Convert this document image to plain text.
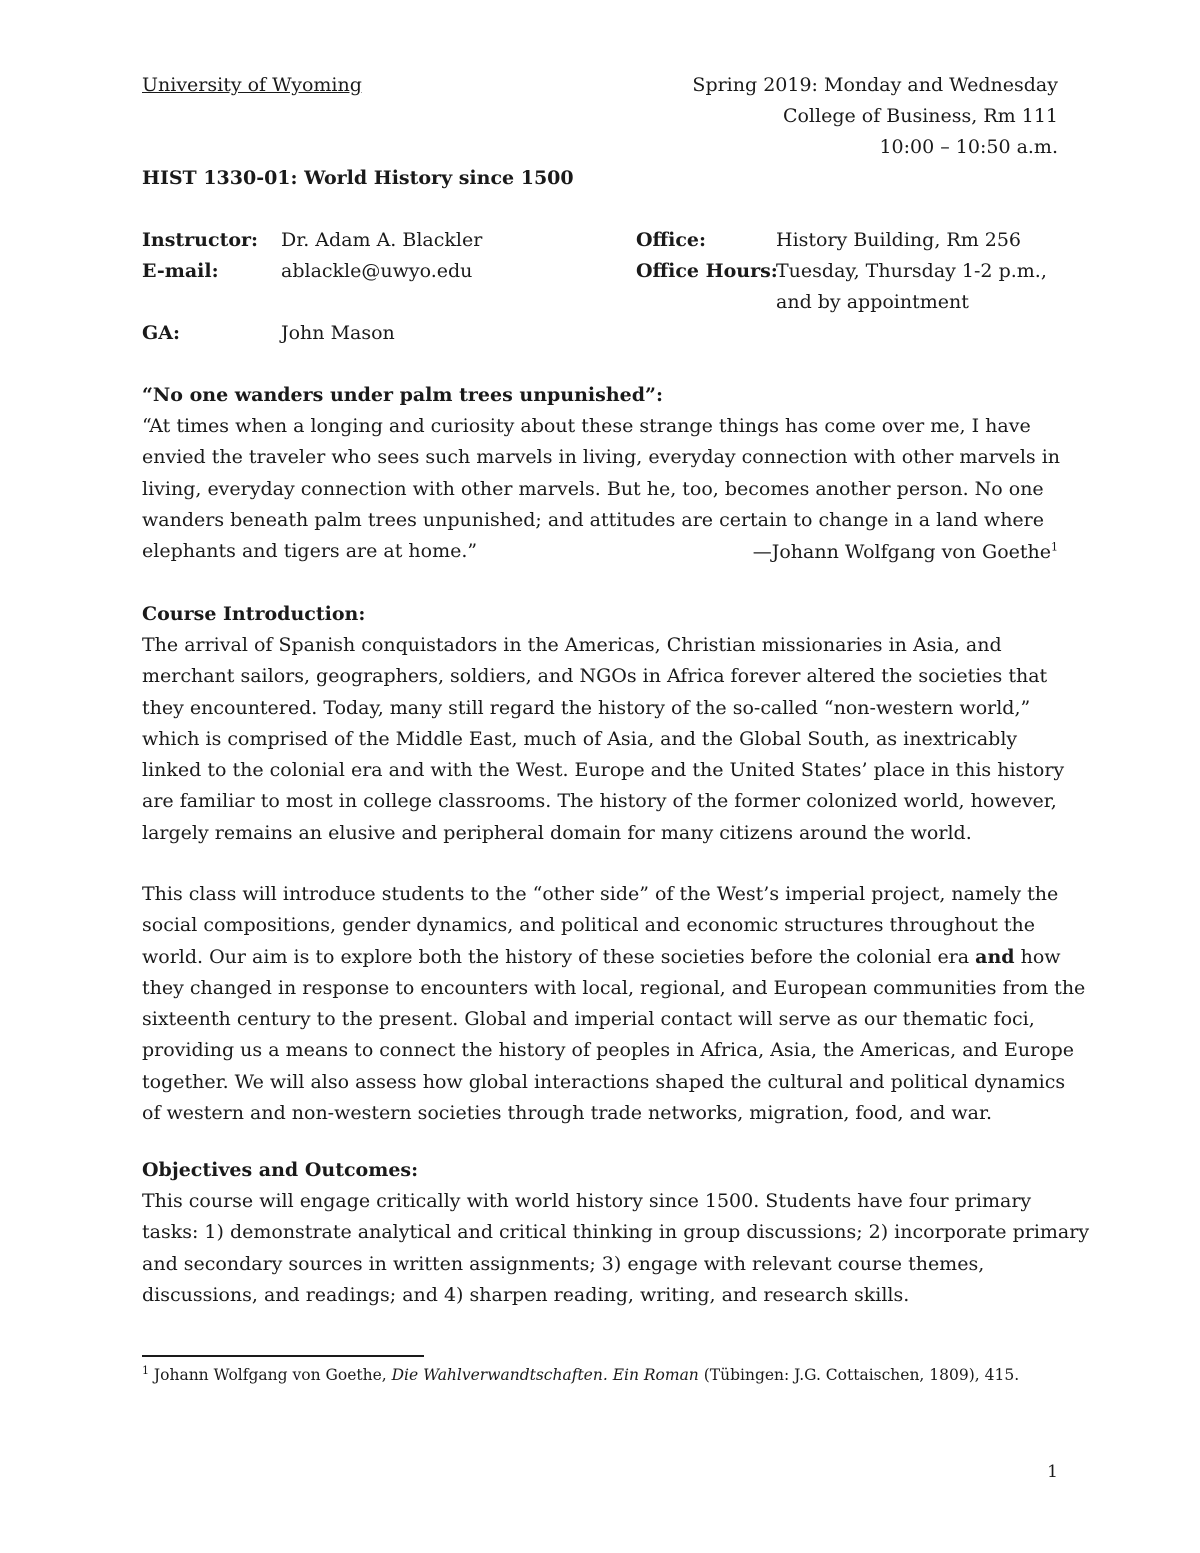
University of Wyoming	Spring 2019: Monday and Wednesday
College of Business, Rm 111
10:00 – 10:50 a.m.
HIST 1330-01: World History since 1500
Instructor: Dr. Adam A. Blackler	Office:	History Building, Rm 256
E-mail:	ablackle@uwyo.edu	Office Hours:
Tuesday, Thursday 1-2 p.m.,
and by appointment
GA:	John Mason
“No one wanders under palm trees unpunished”:
“At times when a longing and curiosity about these strange things has come over me, I have
envied the traveler who sees such marvels in living, everyday connection with other marvels in
living, everyday connection with other marvels. But he, too, becomes another person. No one
wanders beneath palm trees unpunished; and attitudes are certain to change in a land where
elephants and tigers are at home.”	—Johann Wolfgang von Goethe$^1$
Course Introduction:
The arrival of Spanish conquistadors in the Americas, Christian missionaries in Asia, and
merchant sailors, geographers, soldiers, and NGOs in Africa forever altered the societies that
they encountered. Today, many still regard the history of the so-called “non-western world,”
which is comprised of the Middle East, much of Asia, and the Global South, as inextricably
linked to the colonial era and with the West. Europe and the United States’ place in this history
are familiar to most in college classrooms. The history of the former colonized world, however,
largely remains an elusive and peripheral domain for many citizens around the world.
This class will introduce students to the “other side” of the West’s imperial project, namely the
social compositions, gender dynamics, and political and economic structures throughout the
world. Our aim is to explore both the history of these societies before the colonial era and how
they changed in response to encounters with local, regional, and European communities from the
sixteenth century to the present. Global and imperial contact will serve as our thematic foci,
providing us a means to connect the history of peoples in Africa, Asia, the Americas, and Europe
together. We will also assess how global interactions shaped the cultural and political dynamics
of western and non-western societies through trade networks, migration, food, and war.
Objectives and Outcomes:
This course will engage critically with world history since 1500. Students have four primary
tasks: 1) demonstrate analytical and critical thinking in group discussions; 2) incorporate primary
and secondary sources in written assignments; 3) engage with relevant course themes,
discussions, and readings; and 4) sharpen reading, writing, and research skills.
$^1$ Johann Wolfgang von Goethe, Die Wahlverwandtschaften. Ein Roman (Tübingen: J.G. Cottaischen, 1809), 415.
1
